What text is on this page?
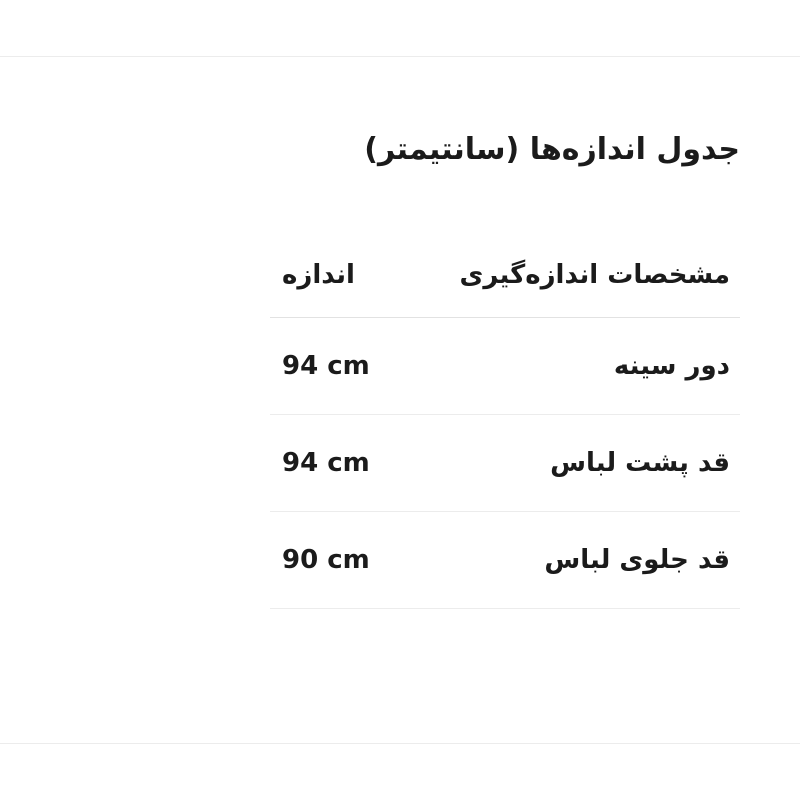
جدول اندازه‌ها (سانتیمتر)
مشخصات اندازه‌گیری	اندازه
دور سینه	94 cm
قد پشت لباس	94 cm
قد جلوی لباس	90 cm
